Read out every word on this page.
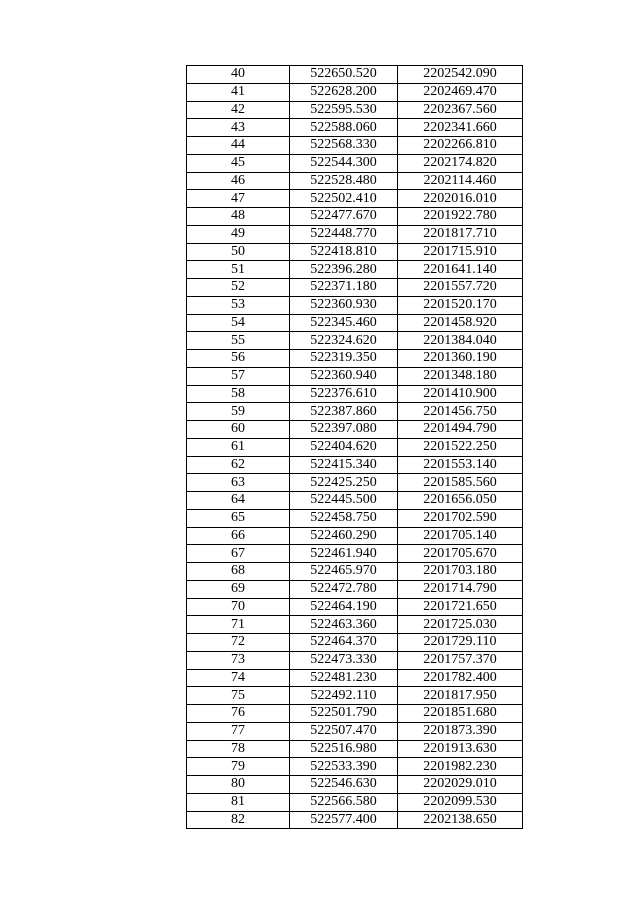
40	522650.520	2202542.090
41	522628.200	2202469.470
42	522595.530	2202367.560
43	522588.060	2202341.660
44	522568.330	2202266.810
45	522544.300	2202174.820
46	522528.480	2202114.460
47	522502.410	2202016.010
48	522477.670	2201922.780
49	522448.770	2201817.710
50	522418.810	2201715.910
51	522396.280	2201641.140
52	522371.180	2201557.720
53	522360.930	2201520.170
54	522345.460	2201458.920
55	522324.620	2201384.040
56	522319.350	2201360.190
57	522360.940	2201348.180
58	522376.610	2201410.900
59	522387.860	2201456.750
60	522397.080	2201494.790
61	522404.620	2201522.250
62	522415.340	2201553.140
63	522425.250	2201585.560
64	522445.500	2201656.050
65	522458.750	2201702.590
66	522460.290	2201705.140
67	522461.940	2201705.670
68	522465.970	2201703.180
69	522472.780	2201714.790
70	522464.190	2201721.650
71	522463.360	2201725.030
72	522464.370	2201729.110
73	522473.330	2201757.370
74	522481.230	2201782.400
75	522492.110	2201817.950
76	522501.790	2201851.680
77	522507.470	2201873.390
78	522516.980	2201913.630
79	522533.390	2201982.230
80	522546.630	2202029.010
81	522566.580	2202099.530
82	522577.400	2202138.650
